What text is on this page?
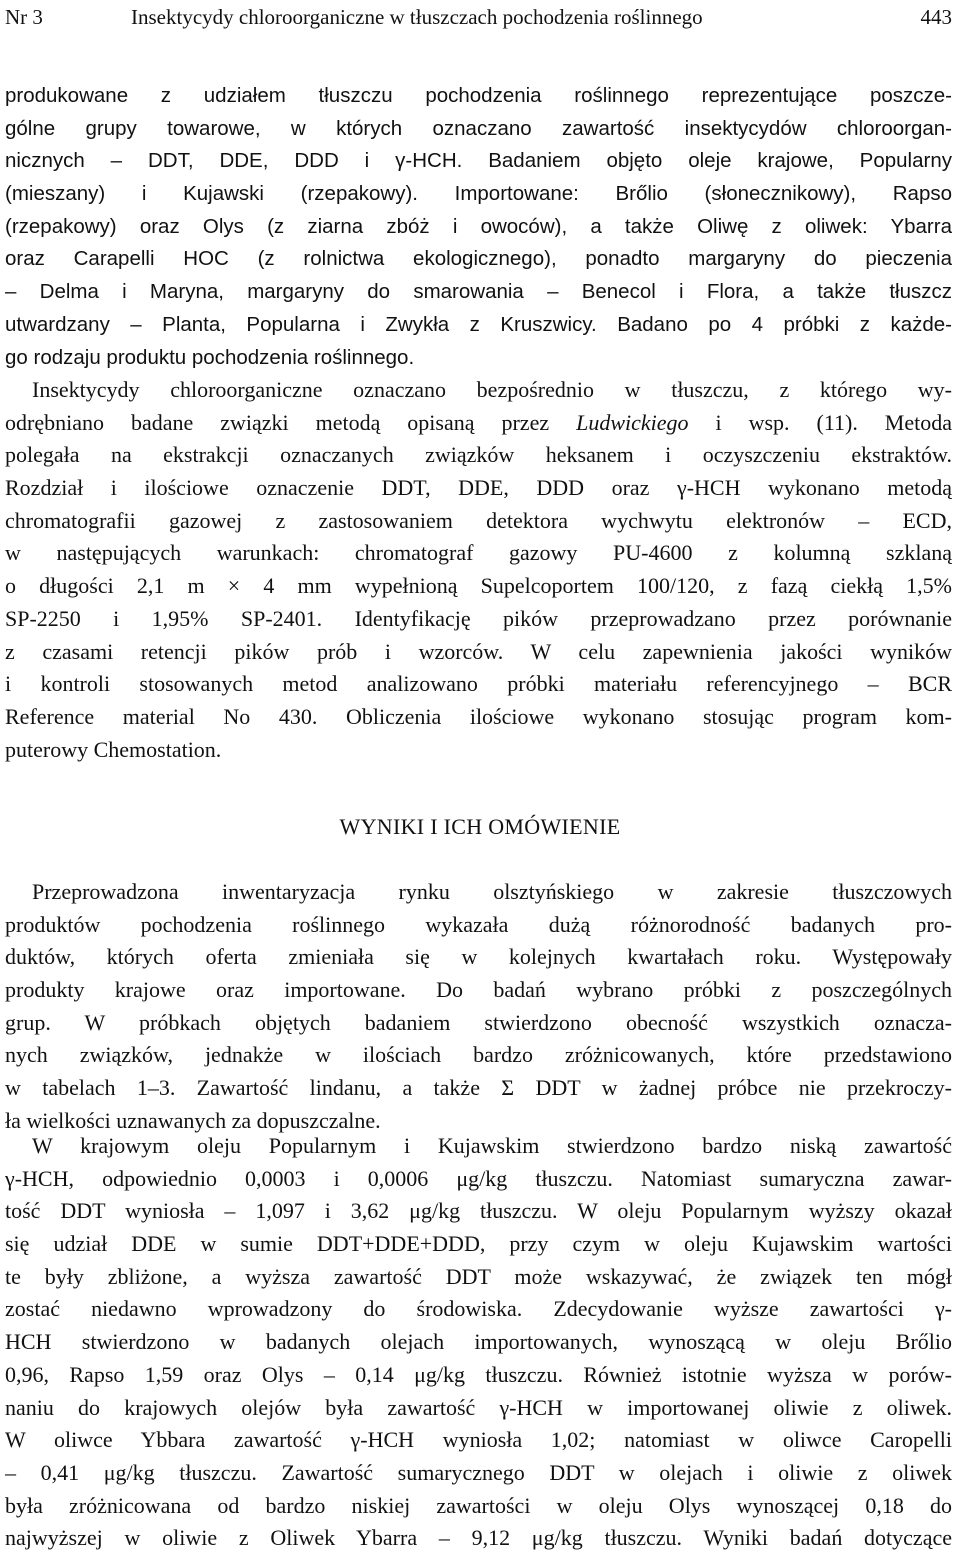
Nr 3	Insektycydy chloroorganiczne w tłuszczach pochodzenia roślinnego	443
produkowane z udziałem tłuszczu pochodzenia roślinnego reprezentujące poszcze-
gólne grupy towarowe, w których oznaczano zawartość insektycydów chloroorgan-
nicznych – DDT, DDE, DDD i γ-HCH. Badaniem objęto oleje krajowe, Popularny
(mieszany) i Kujawski (rzepakowy). Importowane: Brőlio (słonecznikowy), Rapso
(rzepakowy) oraz Olys (z ziarna zbóż i owoców), a także Oliwę z oliwek: Ybarra
oraz Carapelli HOC (z rolnictwa ekologicznego), ponadto margaryny do pieczenia
– Delma i Maryna, margaryny do smarowania – Benecol i Flora, a także tłuszcz
utwardzany – Planta, Popularna i Zwykła z Kruszwicy. Badano po 4 próbki z każde-
go rodzaju produktu pochodzenia roślinnego.
Insektycydy chloroorganiczne oznaczano bezpośrednio w tłuszczu, z którego wy-
odrębniano badane związki metodą opisaną przez Ludwickiego i wsp. (11). Metoda
polegała na ekstrakcji oznaczanych związków heksanem i oczyszczeniu ekstraktów.
Rozdział i ilościowe oznaczenie DDT, DDE, DDD oraz γ-HCH wykonano metodą
chromatografii gazowej z zastosowaniem detektora wychwytu elektronów – ECD,
w następujących warunkach: chromatograf gazowy PU-4600 z kolumną szklaną
o długości 2,1 m × 4 mm wypełnioną Supelcoportem 100/120, z fazą ciekłą 1,5%
SP-2250 i 1,95% SP-2401. Identyfikację pików przeprowadzano przez porównanie
z czasami retencji pików prób i wzorców. W celu zapewnienia jakości wyników
i kontroli stosowanych metod analizowano próbki materiału referencyjnego – BCR
Reference material No 430. Obliczenia ilościowe wykonano stosując program kom-
puterowy Chemostation.
WYNIKI I ICH OMÓWIENIE
Przeprowadzona inwentaryzacja rynku olsztyńskiego w zakresie tłuszczowych
produktów pochodzenia roślinnego wykazała dużą różnorodność badanych pro-
duktów, których oferta zmieniała się w kolejnych kwartałach roku. Występowały
produkty krajowe oraz importowane. Do badań wybrano próbki z poszczególnych
grup. W próbkach objętych badaniem stwierdzono obecność wszystkich oznacza-
nych związków, jednakże w ilościach bardzo zróżnicowanych, które przedstawiono
w tabelach 1–3. Zawartość lindanu, a także Σ DDT w żadnej próbce nie przekroczy-
ła wielkości uznawanych za dopuszczalne.
W krajowym oleju Popularnym i Kujawskim stwierdzono bardzo niską zawartość
γ-HCH, odpowiednio 0,0003 i 0,0006 μg/kg tłuszczu. Natomiast sumaryczna zawar-
tość DDT wyniosła – 1,097 i 3,62 μg/kg tłuszczu. W oleju Popularnym wyższy okazał
się udział DDE w sumie DDT+DDE+DDD, przy czym w oleju Kujawskim wartości
te były zbliżone, a wyższa zawartość DDT może wskazywać, że związek ten mógł
zostać niedawno wprowadzony do środowiska. Zdecydowanie wyższe zawartości γ-
HCH stwierdzono w badanych olejach importowanych, wynoszącą w oleju Brőlio
0,96, Rapso 1,59 oraz Olys – 0,14 μg/kg tłuszczu. Również istotnie wyższa w porów-
naniu do krajowych olejów była zawartość γ-HCH w importowanej oliwie z oliwek.
W oliwce Ybbara zawartość γ-HCH wyniosła 1,02; natomiast w oliwce Caropelli
– 0,41 μg/kg tłuszczu. Zawartość sumarycznego DDT w olejach i oliwie z oliwek
była zróżnicowana od bardzo niskiej zawartości w oleju Olys wynoszącej 0,18 do
najwyższej w oliwie z Oliwek Ybarra – 9,12 μg/kg tłuszczu. Wyniki badań dotyczące
